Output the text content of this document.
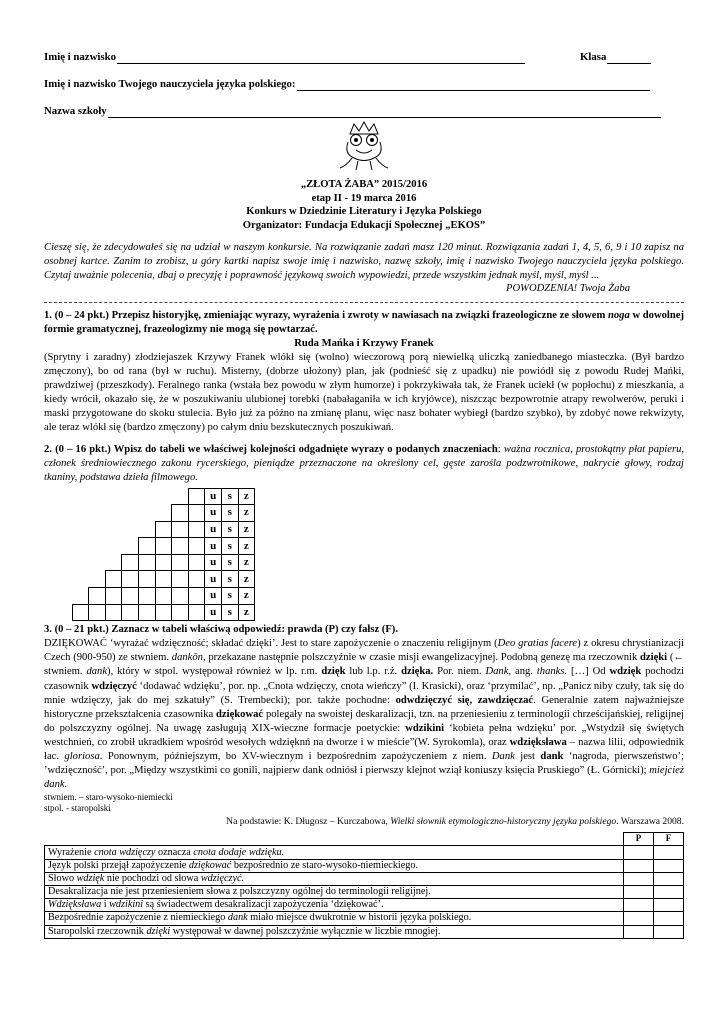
Imię i nazwisko	Klasa
Imię i nazwisko Twojego nauczyciela języka polskiego:
Nazwa szkoły
„ZŁOTA ŻABA” 2015/2016
etap II - 19 marca 2016
Konkurs w Dziedzinie Literatury i Języka Polskiego
Organizator: Fundacja Edukacji Społecznej „EKOS”
Cieszę się, że zdecydowałeś się na udział w naszym konkursie. Na rozwiązanie zadań masz 120 minut. Rozwiązania zadań 1, 4, 5, 6, 9 i 10 zapisz na osobnej kartce. Zanim to zrobisz, u góry kartki napisz swoje imię i nazwisko, nazwę szkoły, imię i nazwisko Twojego nauczyciela języka polskiego. Czytaj uważnie polecenia, dbaj o precyzję i poprawność językową swoich wypowiedzi, przede wszystkim jednak myśl, myśl, myśl ...
POWODZENIA! Twoja Żaba
1. (0 – 24 pkt.) Przepisz historyjkę, zmieniając wyrazy, wyrażenia i zwroty w nawiasach na związki frazeologiczne ze słowem noga w dowolnej formie gramatycznej, frazeologizmy nie mogą się powtarzać.
Ruda Mańka i Krzywy Franek

(Sprytny i zaradny) złodziejaszek Krzywy Franek wlókł się (wolno) wieczorową porą niewielką uliczką zaniedbanego miasteczka. (Był bardzo zmęczony), bo od rana (był w ruchu). Misterny, (dobrze ułożony) plan, jak (podnieść się z upadku) nie powiódł się z powodu Rudej Mańki, prawdziwej (przeszkody). Feralnego ranka (wstała bez powodu w złym humorze) i pokrzykiwała tak, że Franek uciekł (w popłochu) z mieszkania, a kiedy wrócił, okazało się, że w poszukiwaniu ulubionej torebki (nabałaganiła w ich kryjówce), niszcząc bezpowrotnie atrapy rewolwerów, peruki i maski przygotowane do skoku stulecia. Było już za późno na zmianę planu, więc nasz bohater wybiegł (bardzo szybko), by zdobyć nowe rekwizyty, ale teraz wlókł się (bardzo zmęczony) po całym dniu bezskutecznych poszukiwań.

2. (0 – 16 pkt.) Wpisz do tabeli we właściwej kolejności odgadnięte wyrazy o podanych znaczeniach: ważna rocznica, prostokątny płat papieru, członek średniowiecznego zakonu rycerskiego, pieniądze przeznaczone na określony cel, gęste zarośla podzwrotnikowe, nakrycie głowy, rodzaj tkaniny, podstawa dzieła filmowego.
									u	s	z
									u	s	z
									u	s	z
									u	s	z
									u	s	z
									u	s	z
									u	s	z
									u	s	z
3. (0 – 21 pkt.) Zaznacz w tabeli właściwą odpowiedź: prawda (P) czy fałsz (F).

DZIĘKOWAĆ ‘wyrażać wdzięczność; składać dzięki’. Jest to stare zapożyczenie o znaczeniu religijnym (Deo gratias facere) z okresu chrystianizacji Czech (900-950) ze stwniem. dankōn, przekazane następnie polszczyźnie w czasie misji ewangelizacyjnej. Podobną genezę ma rzeczownik dzięki (← stwniem. dank), który w stpol. występował również w lp. r.m. dzięk lub l.p. r.ż. dzięka. Por. niem. Dank, ang. thanks. […] Od wdzięk pochodzi czasownik wdzięczyć ‘dodawać wdzięku’, por. np. „Cnota wdzięczy, cnota wieńczy” (I. Krasicki), oraz ‘przymilać’, np. „Panicz niby czuły, tak się do mnie wdzięczy, jak do mej szkatuły” (S. Trembecki); por. także pochodne: odwdzięczyć się, zawdzięczać. Generalnie zatem najważniejsze historyczne przekształcenia czasownika dziękować polegały na swoistej deskaralizacji, tzn. na przeniesieniu z terminologii chrześcijańskiej, religijnej do polszczyzny ogólnej. Na uwagę zasługują XIX-wieczne formacje poetyckie: wdzikini ‘kobieta pełna wdzięku’ por. „Wstydził się świętych westchnień, co zrobił ukradkiem wpośród wesołych wdzięknń na dworze i w mieście”(W. Syrokomla), oraz wdzięksława – nazwa lilii, odpowiednik łac. gloriosa. Ponownym, późniejszym, bo XV-wiecznym i bezpośrednim zapożyczeniem z niem. Dank jest dank ‘nagroda, pierwszeństwo’; ’wdzięczność’, por. „Między wszystkimi co gonili, najpierw dank odniósł i pierwszy klejnot wziął koniuszy księcia Pruskiego” (Ł. Górnicki); miejcież dank.

stwniem. – staro-wysoko-niemiecki
stpol. - staropolski
Na podstawie: K. Długosz – Kurczabowa, Wielki słownik etymologiczno-historyczny języka polskiego. Warszawa 2008.
	P	F
Wyrażenie cnota wdzięczy oznacza cnota dodaje wdzięku.		
Język polski przejął zapożyczenie dziękować bezpośrednio ze staro-wysoko-niemieckiego.		
Słowo wdzięk nie pochodzi od słowa wdzięczyć.		
Desakralizacja nie jest przeniesieniem słowa z polszczyzny ogólnej do terminologii religijnej.		
Wdzięksława i wdzikini są świadectwem desakralizacji zapożyczenia ‘dziękować’.		
Bezpośrednie zapożyczenie z niemieckiego dank miało miejsce dwukrotnie w historii języka polskiego.		
Staropolski rzeczownik dzięki występował w dawnej polszczyźnie wyłącznie w liczbie mnogiej.		
